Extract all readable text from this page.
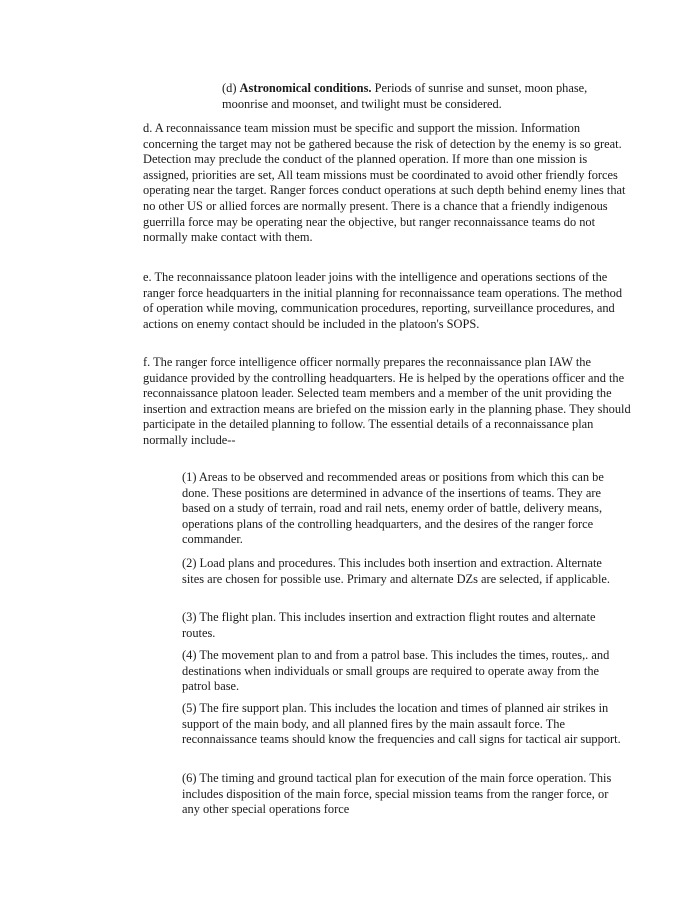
(d) Astronomical conditions. Periods of sunrise and sunset, moon phase, moonrise and moonset, and twilight must be considered.

d. A reconnaissance team mission must be specific and support the mission. Information concerning the target may not be gathered because the risk of detection by the enemy is so great. Detection may preclude the conduct of the planned operation. If more than one mission is assigned, priorities are set, All team missions must be coordinated to avoid other friendly forces operating near the target. Ranger forces conduct operations at such depth behind enemy lines that no other US or allied forces are normally present. There is a chance that a friendly indigenous guerrilla force may be operating near the objective, but ranger reconnaissance teams do not normally make contact with them.

e. The reconnaissance platoon leader joins with the intelligence and operations sections of the ranger force headquarters in the initial planning for reconnaissance team operations. The method of operation while moving, communication procedures, reporting, surveillance procedures, and actions on enemy contact should be included in the platoon's SOPS.

f. The ranger force intelligence officer normally prepares the reconnaissance plan IAW the guidance provided by the controlling headquarters. He is helped by the operations officer and the reconnaissance platoon leader. Selected team members and a member of the unit providing the insertion and extraction means are briefed on the mission early in the planning phase. They should participate in the detailed planning to follow. The essential details of a reconnaissance plan normally include--

(1) Areas to be observed and recommended areas or positions from which this can be done. These positions are determined in advance of the insertions of teams. They are based on a study of terrain, road and rail nets, enemy order of battle, delivery means, operations plans of the controlling headquarters, and the desires of the ranger force commander.

(2) Load plans and procedures. This includes both insertion and extraction. Alternate sites are chosen for possible use. Primary and alternate DZs are selected, if applicable.

(3) The flight plan. This includes insertion and extraction flight routes and alternate routes.

(4) The movement plan to and from a patrol base. This includes the times, routes,. and destinations when individuals or small groups are required to operate away from the patrol base.

(5) The fire support plan. This includes the location and times of planned air strikes in support of the main body, and all planned fires by the main assault force. The reconnaissance teams should know the frequencies and call signs for tactical air support.

(6) The timing and ground tactical plan for execution of the main force operation. This includes disposition of the main force, special mission teams from the ranger force, or any other special operations force
